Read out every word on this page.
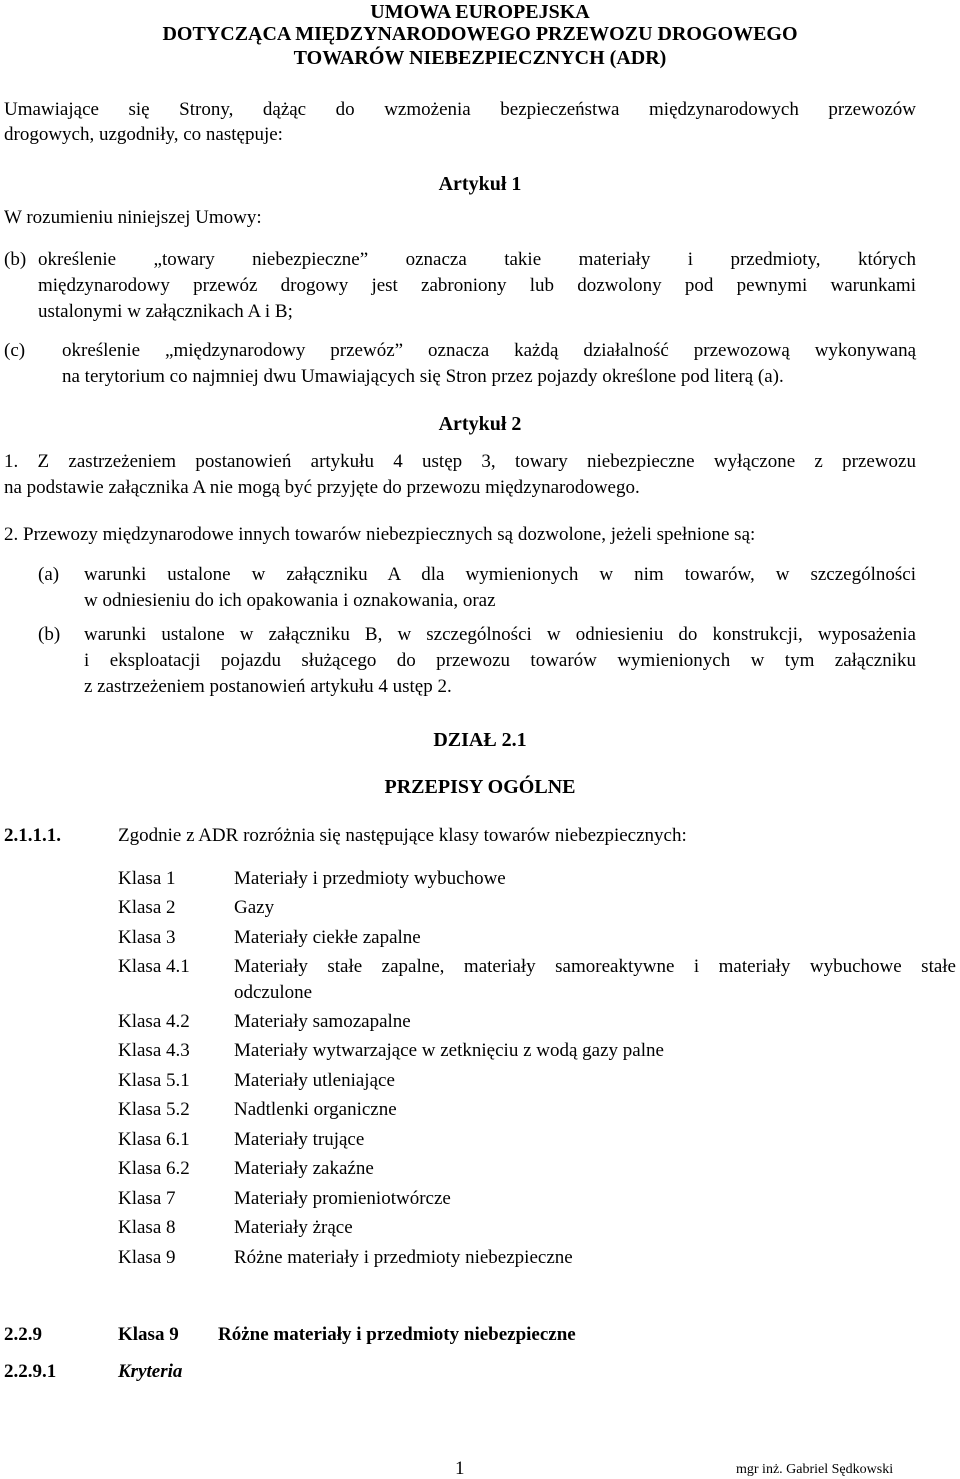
UMOWA EUROPEJSKA
DOTYCZĄCA MIĘDZYNARODOWEGO PRZEWOZU DROGOWEGO
TOWARÓW NIEBEZPIECZNYCH (ADR)
Umawiające się Strony, dążąc do wzmożenia bezpieczeństwa międzynarodowych przewozów
drogowych, uzgodniły, co następuje:
Artykuł 1
W rozumieniu niniejszej Umowy:
(b) określenie „towary niebezpieczne” oznacza takie materiały i przedmioty, których
międzynarodowy przewóz drogowy jest zabroniony lub dozwolony pod pewnymi warunkami
ustalonymi w załącznikach A i B;
(c) określenie „międzynarodowy przewóz” oznacza każdą działalność przewozową wykonywaną
na terytorium co najmniej dwu Umawiających się Stron przez pojazdy określone pod literą (a).
Artykuł 2
1. Z zastrzeżeniem postanowień artykułu 4 ustęp 3, towary niebezpieczne wyłączone z przewozu
na podstawie załącznika A nie mogą być przyjęte do przewozu międzynarodowego.
2. Przewozy międzynarodowe innych towarów niebezpiecznych są dozwolone, jeżeli spełnione są:
(a) warunki ustalone w załączniku A dla wymienionych w nim towarów, w szczególności
w odniesieniu do ich opakowania i oznakowania, oraz
(b) warunki ustalone w załączniku B, w szczególności w odniesieniu do konstrukcji, wyposażenia
i eksploatacji pojazdu służącego do przewozu towarów wymienionych w tym załączniku
z zastrzeżeniem postanowień artykułu 4 ustęp 2.
DZIAŁ 2.1
PRZEPISY OGÓLNE
2.1.1.1.	Zgodnie z ADR rozróżnia się następujące klasy towarów niebezpiecznych:
Klasa 1	Materiały i przedmioty wybuchowe
Klasa 2	Gazy
Klasa 3	Materiały ciekłe zapalne
Klasa 4.1 Materiały stałe zapalne, materiały samoreaktywne i materiały wybuchowe stałe
odczulone
Klasa 4.2 Materiały samozapalne
Klasa 4.3 Materiały wytwarzające w zetknięciu z wodą gazy palne
Klasa 5.1 Materiały utleniające
Klasa 5.2 Nadtlenki organiczne
Klasa 6.1 Materiały trujące
Klasa 6.2 Materiały zakaźne
Klasa 7	Materiały promieniotwórcze
Klasa 8	Materiały żrące
Klasa 9	Różne materiały i przedmioty niebezpieczne
2.2.9	Klasa 9 Różne materiały i przedmioty niebezpieczne
2.2.9.1	Kryteria
1	mgr inż. Gabriel Sędkowski
